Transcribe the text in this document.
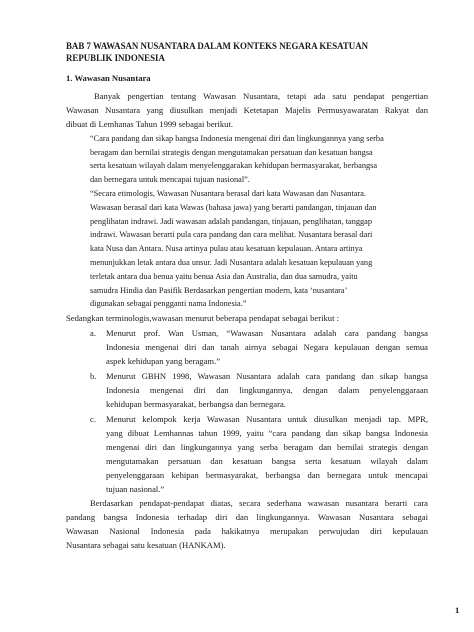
BAB 7 WAWASAN NUSANTARA DALAM KONTEKS NEGARA KESATUAN

REPUBLIK INDONESIA

1. Wawasan Nusantara

Banyak pengertian tentang Wawasan Nusantara, tetapi ada satu pendapat pengertian

Wawasan Nusantara yang diusulkan menjadi Ketetapan Majelis Permusyawaratan Rakyat dan

dibuat di Lemhanas Tahun 1999 sebagai berikut.

“Cara pandang dan sikap bangsa Indonesia mengenai diri dan lingkungannya yang serba

beragam dan bernilai strategis dengan mengutamakan persatuan dan kesatuan bangsa

serta kesatuan wilayah dalam menyelenggarakan kehidupan bermasyarakat, berbangsa

dan bernegara untuk mencapai tujuan nasional”.

“Secara etimologis, Wawasan Nusantara berasal dari kata Wawasan dan Nusantara.

Wawasan berasal dari kata Wawas (bahasa jawa) yang berarti pandangan, tinjauan dan

penglihatan indrawi. Jadi wawasan adalah pandangan, tinjauan, penglihatan, tanggap

indrawi. Wawasan berarti pula cara pandang dan cara melihat. Nusantara berasal dari

kata Nusa dan Antara. Nusa artinya pulau atau kesatuan kepulauan. Antara artinya

menunjukkan letak antara dua unsur. Jadi Nusantara adalah kesatuan kepulauan yang

terletak antara dua benua yaitu benua Asia dan Australia, dan dua samudra, yaitu

samudra Hindia dan Pasifik Berdasarkan pengertian modern, kata ‘nusantara’

digunakan sebagai pengganti nama Indonesia.”

Sedangkan terminologis,wawasan menurut beberapa pendapat sebagai berikut :

a. Menurut prof. Wan Usman, “Wawasan Nusantara adalah cara pandang bangsa

Indonesia mengenai diri dan tanah airnya sebagai Negara kepulauan dengan semua

aspek kehidupan yang beragam.”

b. Menurut GBHN 1998, Wawasan Nusantara adalah cara pandang dan sikap bangsa

Indonesia mengenai diri dan lingkungannya, dengan dalam penyelenggaraan

kehidupan bermasyarakat, berbangsa dan bernegara.

c. Menurut kelompok kerja Wawasan Nusantara untuk diusulkan menjadi tap. MPR,

yang dibuat Lemhannas tahun 1999, yaitu “cara pandang dan sikap bangsa Indonesia

mengenai diri dan lingkungannya yang serba beragam dan bernilai strategis dengan

mengutamakan persatuan dan kesatuan bangsa serta kesatuan wilayah dalam

penyelenggaraan kehipan bermasyarakat, berbangsa dan bernegara untuk mencapai

tujuan nasional.”

Berdasarkan pendapat-pendapat diatas, secara sederhana wawasan nusantara berarti cara

pandang bangsa Indonesia terhadap diri dan lingkungannya. Wawasan Nusantara sebagai

Wawasan Nasional Indonesia pada hakikatnya merupakan perwujudan diri kepulauan

Nusantara sebagai satu kesatuan (HANKAM).

1
